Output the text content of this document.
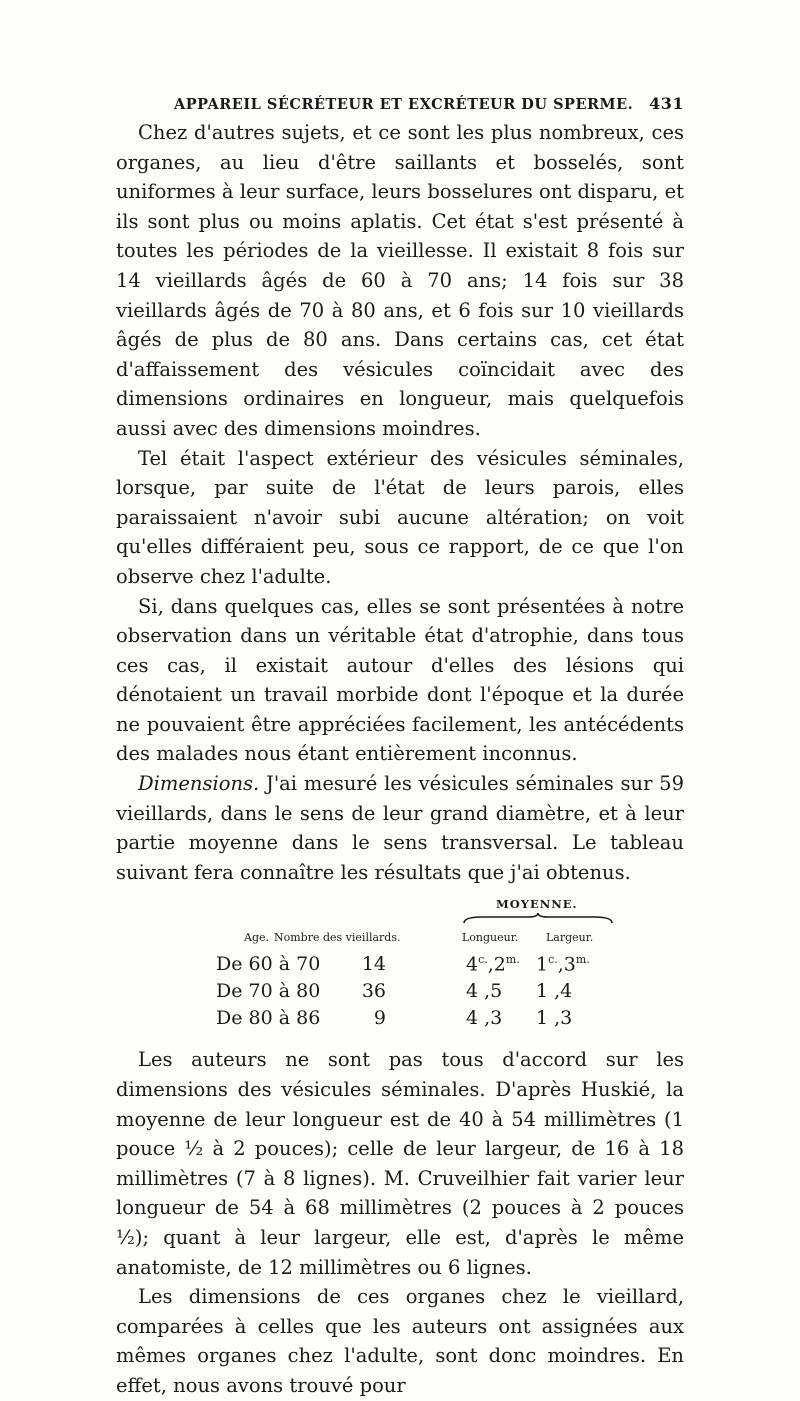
APPAREIL SÉCRÉTEUR ET EXCRÉTEUR DU SPERME. 431

Chez d'autres sujets, et ce sont les plus nombreux, ces organes, au lieu d'être saillants et bosselés, sont uniformes à leur surface, leurs bosselures ont disparu, et ils sont plus ou moins aplatis. Cet état s'est présenté à toutes les périodes de la vieillesse. Il existait 8 fois sur 14 vieillards âgés de 60 à 70 ans; 14 fois sur 38 vieillards âgés de 70 à 80 ans, et 6 fois sur 10 vieillards âgés de plus de 80 ans. Dans certains cas, cet état d'affaissement des vésicules coïncidait avec des dimensions ordinaires en longueur, mais quelquefois aussi avec des dimensions moindres.

Tel était l'aspect extérieur des vésicules séminales, lorsque, par suite de l'état de leurs parois, elles paraissaient n'avoir subi aucune altération; on voit qu'elles différaient peu, sous ce rapport, de ce que l'on observe chez l'adulte.

Si, dans quelques cas, elles se sont présentées à notre observation dans un véritable état d'atrophie, dans tous ces cas, il existait autour d'elles des lésions qui dénotaient un travail morbide dont l'époque et la durée ne pouvaient être appréciées facilement, les antécédents des malades nous étant entièrement inconnus.

Dimensions. J'ai mesuré les vésicules séminales sur 59 vieillards, dans le sens de leur grand diamètre, et à leur partie moyenne dans le sens transversal. Le tableau suivant fera connaître les résultats que j'ai obtenus.

MOYENNE.
Age. Nombre des vieillards.	Longueur.	Largeur.
De 60 à 70 14	$4^{c.},2^{m.}$ $1^{c.},3^{m.}$
De 70 à 80 36	4 ,5 1 ,4
De 80 à 86	9	4 ,3 1 ,3

Les auteurs ne sont pas tous d'accord sur les dimensions des vésicules séminales. D'après Huskié, la moyenne de leur longueur est de 40 à 54 millimètres (1 pouce ½ à 2 pouces); celle de leur largeur, de 16 à 18 millimètres (7 à 8 lignes). M. Cruveilhier fait varier leur longueur de 54 à 68 millimètres (2 pouces à 2 pouces ½); quant à leur largeur, elle est, d'après le même anatomiste, de 12 millimètres ou 6 lignes.

Les dimensions de ces organes chez le vieillard, comparées à celles que les auteurs ont assignées aux mêmes organes chez l'adulte, sont donc moindres. En effet, nous avons trouvé pour
